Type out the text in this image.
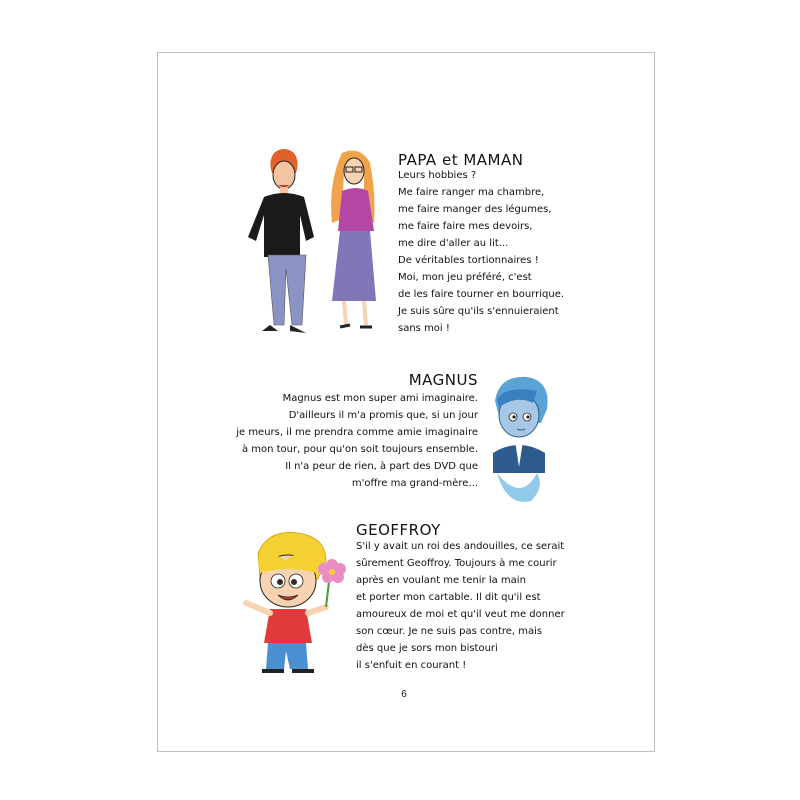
PAPA et MAMAN
Leurs hobbies ?
Me faire ranger ma chambre,
me faire manger des légumes,
me faire faire mes devoirs,
me dire d'aller au lit...
De véritables tortionnaires !
Moi, mon jeu préféré, c'est
de les faire tourner en bourrique.
Je suis sûre qu'ils s'ennuieraient
sans moi !
MAGNUS
Magnus est mon super ami imaginaire.
D'ailleurs il m'a promis que, si un jour
je meurs, il me prendra comme amie imaginaire
à mon tour, pour qu'on soit toujours ensemble.
Il n'a peur de rien, à part des DVD que
m'offre ma grand-mère...
GEOFFROY
S'il y avait un roi des andouilles, ce serait
sûrement Geoffroy. Toujours à me courir
après en voulant me tenir la main
et porter mon cartable. Il dit qu'il est
amoureux de moi et qu'il veut me donner
son cœur. Je ne suis pas contre, mais
dès que je sors mon bistouri
il s'enfuit en courant !
6
